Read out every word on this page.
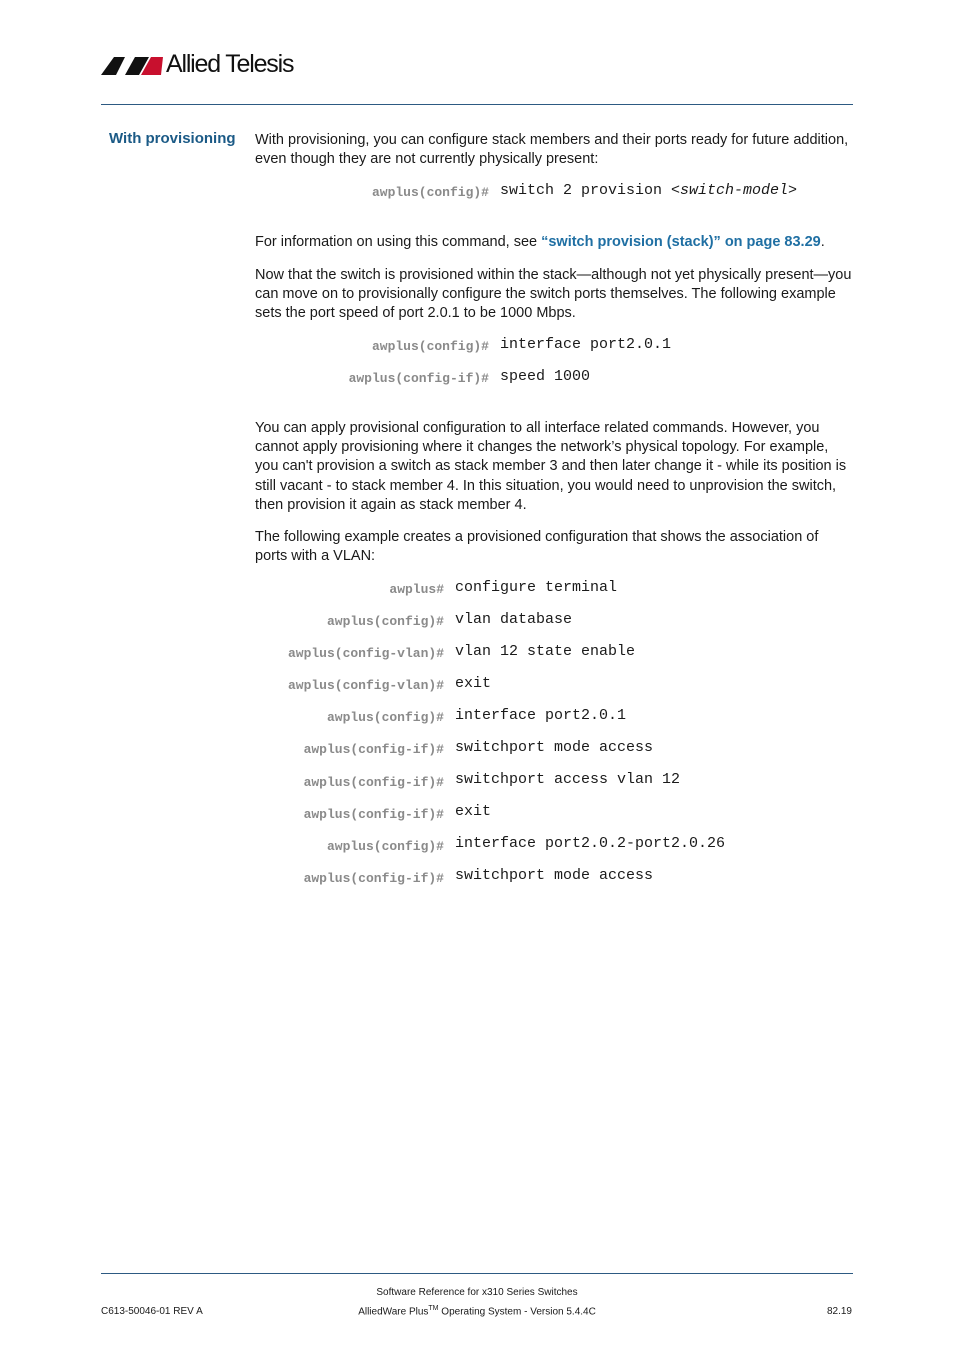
Allied Telesis
With provisioning With provisioning, you can configure stack members and their ports ready for future addition, even though they are not currently physically present:
awplus(config)# switch 2 provision <switch-model>
For information on using this command, see “switch provision (stack)” on page 83.29.
Now that the switch is provisioned within the stack—although not yet physically present—you can move on to provisionally configure the switch ports themselves. The following example sets the port speed of port 2.0.1 to be 1000 Mbps.
awplus(config)# interface port2.0.1
awplus(config-if)# speed 1000
You can apply provisional configuration to all interface related commands. However, you cannot apply provisioning where it changes the network’s physical topology. For example, you can't provision a switch as stack member 3 and then later change it - while its position is still vacant - to stack member 4. In this situation, you would need to unprovision the switch, then provision it again as stack member 4.
The following example creates a provisioned configuration that shows the association of ports with a VLAN:
awplus# configure terminal
awplus(config)# vlan database
awplus(config-vlan)# vlan 12 state enable
awplus(config-vlan)# exit
awplus(config)# interface port2.0.1
awplus(config-if)# switchport mode access
awplus(config-if)# switchport access vlan 12
awplus(config-if)# exit
awplus(config)# interface port2.0.2-port2.0.26
awplus(config-if)# switchport mode access
Software Reference for x310 Series Switches
C613-50046-01 REV A	AlliedWare Plus™ Operating System - Version 5.4.4C	82.19
